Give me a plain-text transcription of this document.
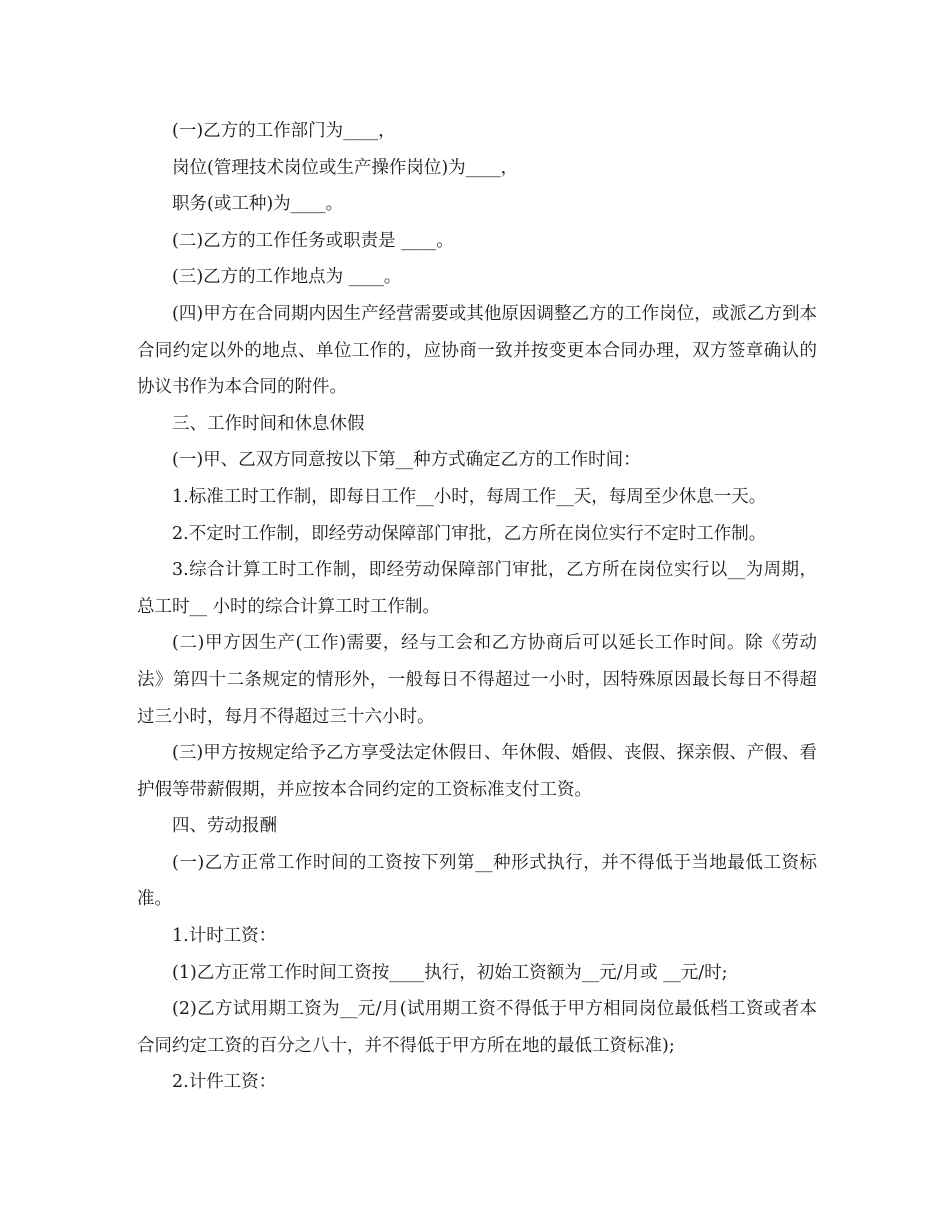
(一)乙方的工作部门为____，

岗位(管理技术岗位或生产操作岗位)为____，

职务(或工种)为____。

(二)乙方的工作任务或职责是 ____。

(三)乙方的工作地点为 ____。

(四)甲方在合同期内因生产经营需要或其他原因调整乙方的工作岗位，或派乙方到本合同约定以外的地点、单位工作的，应协商一致并按变更本合同办理，双方签章确认的协议书作为本合同的附件。

三、工作时间和休息休假

(一)甲、乙双方同意按以下第__种方式确定乙方的工作时间：

1.标准工时工作制，即每日工作__小时，每周工作__天，每周至少休息一天。

2.不定时工作制，即经劳动保障部门审批，乙方所在岗位实行不定时工作制。

3.综合计算工时工作制，即经劳动保障部门审批，乙方所在岗位实行以__为周期，总工时__ 小时的综合计算工时工作制。

(二)甲方因生产(工作)需要，经与工会和乙方协商后可以延长工作时间。除《劳动法》第四十二条规定的情形外，一般每日不得超过一小时，因特殊原因最长每日不得超过三小时，每月不得超过三十六小时。

(三)甲方按规定给予乙方享受法定休假日、年休假、婚假、丧假、探亲假、产假、看护假等带薪假期，并应按本合同约定的工资标准支付工资。

四、劳动报酬

(一)乙方正常工作时间的工资按下列第__种形式执行，并不得低于当地最低工资标准。

1.计时工资：

(1)乙方正常工作时间工资按____执行，初始工资额为__元/月或 __元/时;

(2)乙方试用期工资为__元/月(试用期工资不得低于甲方相同岗位最低档工资或者本合同约定工资的百分之八十，并不得低于甲方所在地的最低工资标准);

2.计件工资：
